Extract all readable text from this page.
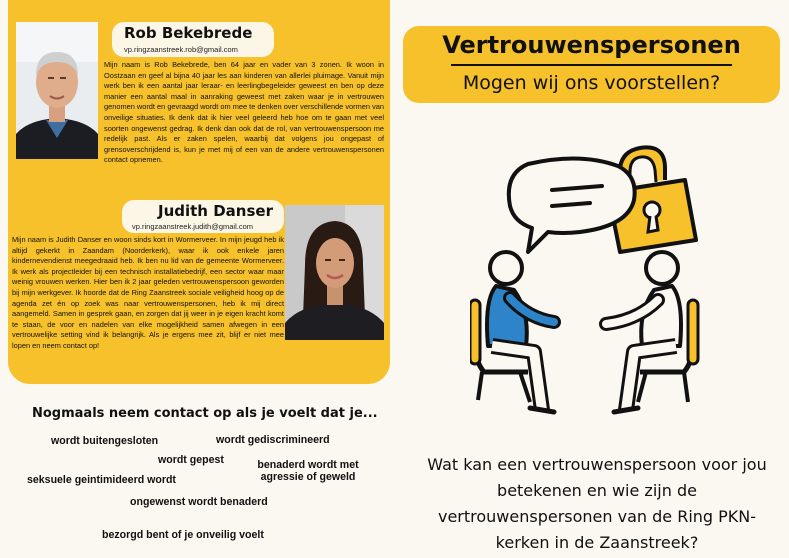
Rob Bekebrede
vp.ringzaanstreek.rob@gmail.com

Mijn naam is Rob Bekebrede, ben 64 jaar en vader van 3 zonen. Ik woon in Oostzaan en geef al bijna 40 jaar les aan kinderen van allerlei pluimage. Vanuit mijn werk ben ik een aantal jaar leraar- en leerlingbegeleider geweest en ben op deze manier een aantal maal in aanraking geweest met zaken waar je in vertrouwen genomen wordt en gevraagd wordt om mee te denken over verschillende vormen van onveilige situaties. Ik denk dat ik hier veel geleerd heb hoe om te gaan met veel soorten ongewenst gedrag. Ik denk dan ook dat de rol, van vertrouwenspersoon me redelijk past. Als er zaken spelen, waarbij dat volgens jou ongepast of grensoverschrijdend is, kun je met mij of een van de andere vertrouwenspersonen contact opnemen.

Judith Danser
vp.ringzaanstreek.judith@gmail.com

Mijn naam is Judith Danser en woon sinds kort in Wormerveer. In mijn jeugd heb ik altijd gekerkt in Zaandam (Noorderkerk), waar ik ook enkele jaren kindernevendienst meegedraaid heb. Ik ben nu lid van de gemeente Wormerveer. Ik werk als projectleider bij een technisch installatiebedrijf, een sector waar maar weinig vrouwen werken. Hier ben ik 2 jaar geleden vertrouwenspersoon geworden bij mijn werkgever. Ik hoorde dat de Ring Zaanstreek sociale veiligheid hoog op de agenda zet én op zoek was naar vertrouwenspersonen, heb ik mij direct aangemeld. Samen in gesprek gaan, en zorgen dat jij weer in je eigen kracht komt te staan, de voor en nadelen van elke mogelijkheid samen afwegen in een vertrouwelijke setting vind ik belangrijk. Als je ergens mee zit, blijf er niet mee lopen en neem contact op!

Vertrouwenspersonen
Mogen wij ons voorstellen?

Wat kan een vertrouwenspersoon voor jou betekenen en wie zijn de vertrouwenspersonen van de Ring PKN-kerken in de Zaanstreek?

Nogmaals neem contact op als je voelt dat je...
wordt buitengesloten	wordt gediscrimineerd
wordt gepest	benaderd wordt met agressie of geweld
seksuele geintimideerd wordt
ongewenst wordt benaderd
bezorgd bent of je onveilig voelt
